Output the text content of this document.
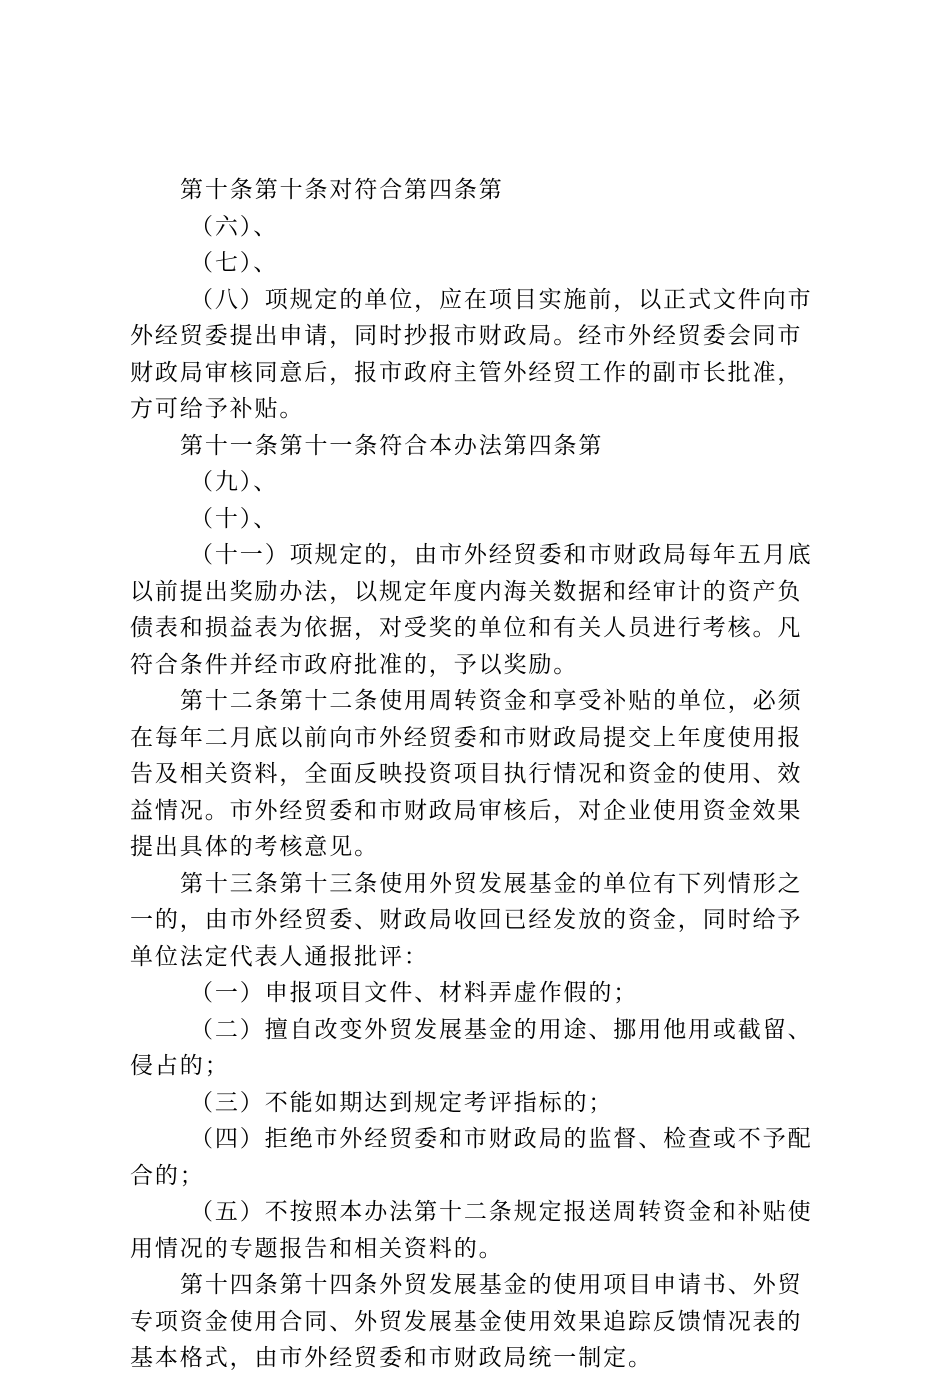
第十条第十条对符合第四条第
（六）、
（七）、
（八）项规定的单位，应在项目实施前，以正式文件向市
外经贸委提出申请，同时抄报市财政局。经市外经贸委会同市
财政局审核同意后，报市政府主管外经贸工作的副市长批准，
方可给予补贴。
第十一条第十一条符合本办法第四条第
（九）、
（十）、
（十一）项规定的，由市外经贸委和市财政局每年五月底
以前提出奖励办法，以规定年度内海关数据和经审计的资产负
债表和损益表为依据，对受奖的单位和有关人员进行考核。凡
符合条件并经市政府批准的，予以奖励。
第十二条第十二条使用周转资金和享受补贴的单位，必须
在每年二月底以前向市外经贸委和市财政局提交上年度使用报
告及相关资料，全面反映投资项目执行情况和资金的使用、效
益情况。市外经贸委和市财政局审核后，对企业使用资金效果
提出具体的考核意见。
第十三条第十三条使用外贸发展基金的单位有下列情形之
一的，由市外经贸委、财政局收回已经发放的资金，同时给予
单位法定代表人通报批评：
（一）申报项目文件、材料弄虚作假的；
（二）擅自改变外贸发展基金的用途、挪用他用或截留、
侵占的；
（三）不能如期达到规定考评指标的；
（四）拒绝市外经贸委和市财政局的监督、检查或不予配
合的；
（五）不按照本办法第十二条规定报送周转资金和补贴使
用情况的专题报告和相关资料的。
第十四条第十四条外贸发展基金的使用项目申请书、外贸
专项资金使用合同、外贸发展基金使用效果追踪反馈情况表的
基本格式，由市外经贸委和市财政局统一制定。
